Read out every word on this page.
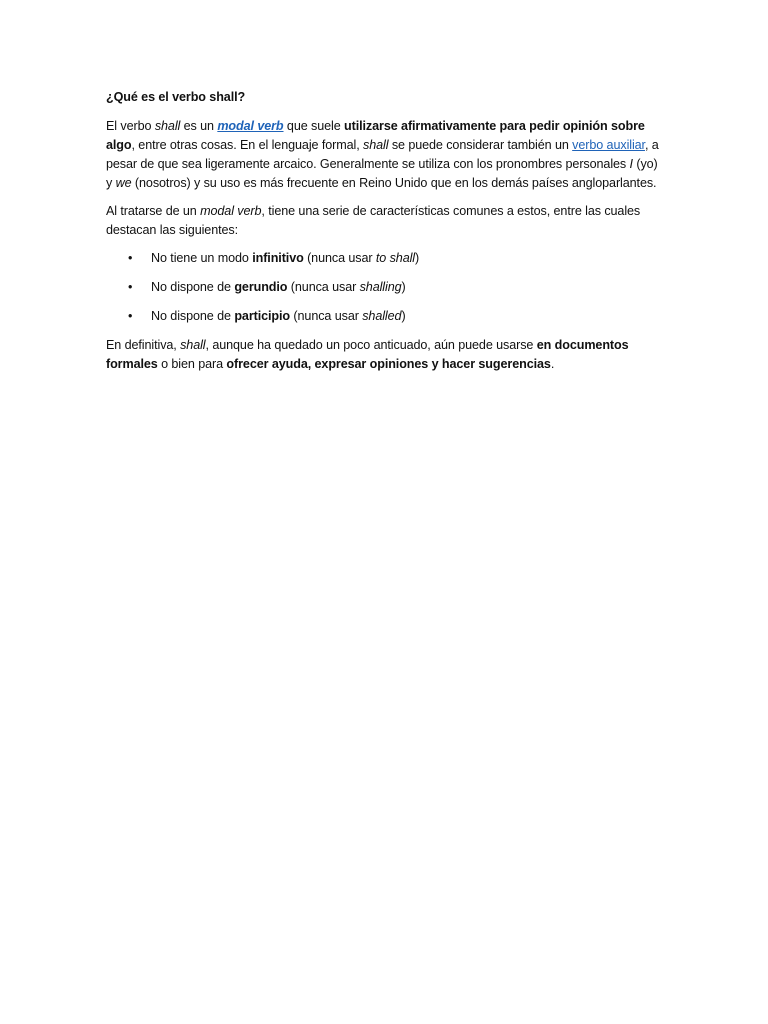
¿Qué es el verbo shall?

El verbo shall es un modal verb que suele utilizarse afirmativamente para pedir opinión sobre algo, entre otras cosas. En el lenguaje formal, shall se puede considerar también un verbo auxiliar, a pesar de que sea ligeramente arcaico. Generalmente se utiliza con los pronombres personales I (yo) y we (nosotros) y su uso es más frecuente en Reino Unido que en los demás países angloparlantes.

Al tratarse de un modal verb, tiene una serie de características comunes a estos, entre las cuales destacan las siguientes:

• No tiene un modo infinitivo (nunca usar to shall)
• No dispone de gerundio (nunca usar shalling)
• No dispone de participio (nunca usar shalled)

En definitiva, shall, aunque ha quedado un poco anticuado, aún puede usarse en documentos formales o bien para ofrecer ayuda, expresar opiniones y hacer sugerencias.
